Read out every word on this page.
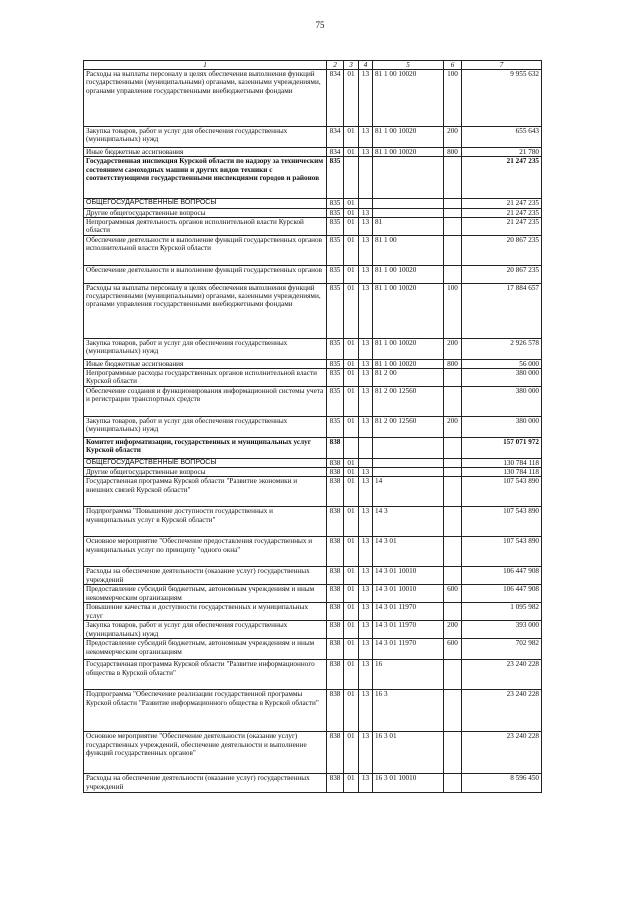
75
1	2	3	4	5	6	7
Расходы на выплаты персоналу в целях обеспечения выполнения функций государственными (муниципальными) органами, казенными учреждениями, органами управления государственными внебюджетными фондами	834	01	13	81 1 00 10020	100	9 955 632
Закупка товаров, работ и услуг для обеспечения государственных (муниципальных) нужд	834	01	13	81 1 00 10020	200	655 643
Иные бюджетные ассигнования	834	01	13	81 1 00 10020	800	21 780
Государственная инспекция Курской области по надзору за техническим состоянием самоходных машин и других видов техники с соответствующими государственными инспекциями городов и районов	835					21 247 235
ОБЩЕГОСУДАРСТВЕННЫЕ ВОПРОСЫ	835	01				21 247 235
Другие общегосударственные вопросы	835	01	13			21 247 235
Непрограммная деятельность органов исполнительной власти Курской области	835	01	13	81		21 247 235
Обеспечение деятельности и выполнение функций государственных органов исполнительной власти Курской области	835	01	13	81 1 00		20 867 235
Обеспечение деятельности и выполнение функций государственных органов	835	01	13	81 1 00 10020		20 867 235
Расходы на выплаты персоналу в целях обеспечения выполнения функций государственными (муниципальными) органами, казенными учреждениями, органами управления государственными внебюджетными фондами	835	01	13	81 1 00 10020	100	17 884 657
Закупка товаров, работ и услуг для обеспечения государственных (муниципальных) нужд	835	01	13	81 1 00 10020	200	2 926 578
Иные бюджетные ассигнования	835	01	13	81 1 00 10020	800	56 000
Непрограммные расходы государственных органов исполнительной власти Курской области	835	01	13	81 2 00		380 000
Обеспечение создания и функционирования информационной системы учета и регистрации транспортных средств	835	01	13	81 2 00 12560		380 000
Закупка товаров, работ и услуг для обеспечения государственных (муниципальных) нужд	835	01	13	81 2 00 12560	200	380 000
Комитет информатизации, государственных и муниципальных услуг Курской области	838					157 071 972
ОБЩЕГОСУДАРСТВЕННЫЕ ВОПРОСЫ	838	01				130 784 118
Другие общегосударственные вопросы	838	01	13			130 784 118
Государственная программа Курской области "Развитие экономики и внешних связей Курской области"	838	01	13	14		107 543 890
Подпрограмма "Повышение доступности государственных и муниципальных услуг в Курской области"	838	01	13	14 3		107 543 890
Основное мероприятие "Обеспечение предоставления государственных и муниципальных услуг по принципу "одного окна"	838	01	13	14 3 01		107 543 890
Расходы на обеспечение деятельности (оказание услуг) государственных учреждений	838	01	13	14 3 01 10010		106 447 908
Предоставление субсидий бюджетным, автономным учреждениям и иным некоммерческим организациям	838	01	13	14 3 01 10010	600	106 447 908
Повышение качества и доступности государственных и муниципальных услуг	838	01	13	14 3 01 11970		1 095 982
Закупка товаров, работ и услуг для обеспечения государственных (муниципальных) нужд	838	01	13	14 3 01 11970	200	393 000
Предоставление субсидий бюджетным, автономным учреждениям и иным некоммерческим организациям	838	01	13	14 3 01 11970	600	702 982
Государственная программа Курской области "Развитие информационного общества в Курской области"	838	01	13	16		23 240 228
Подпрограмма "Обеспечение реализации государственной программы Курской области "Развитие информационного общества в Курской области"	838	01	13	16 3		23 240 228
Основное мероприятие "Обеспечение деятельности (оказание услуг) государственных учреждений, обеспечение деятельности и выполнение функций государственных органов"	838	01	13	16 3 01		23 240 228
Расходы на обеспечение деятельности (оказание услуг) государственных учреждений	838	01	13	16 3 01 10010		8 596 450
